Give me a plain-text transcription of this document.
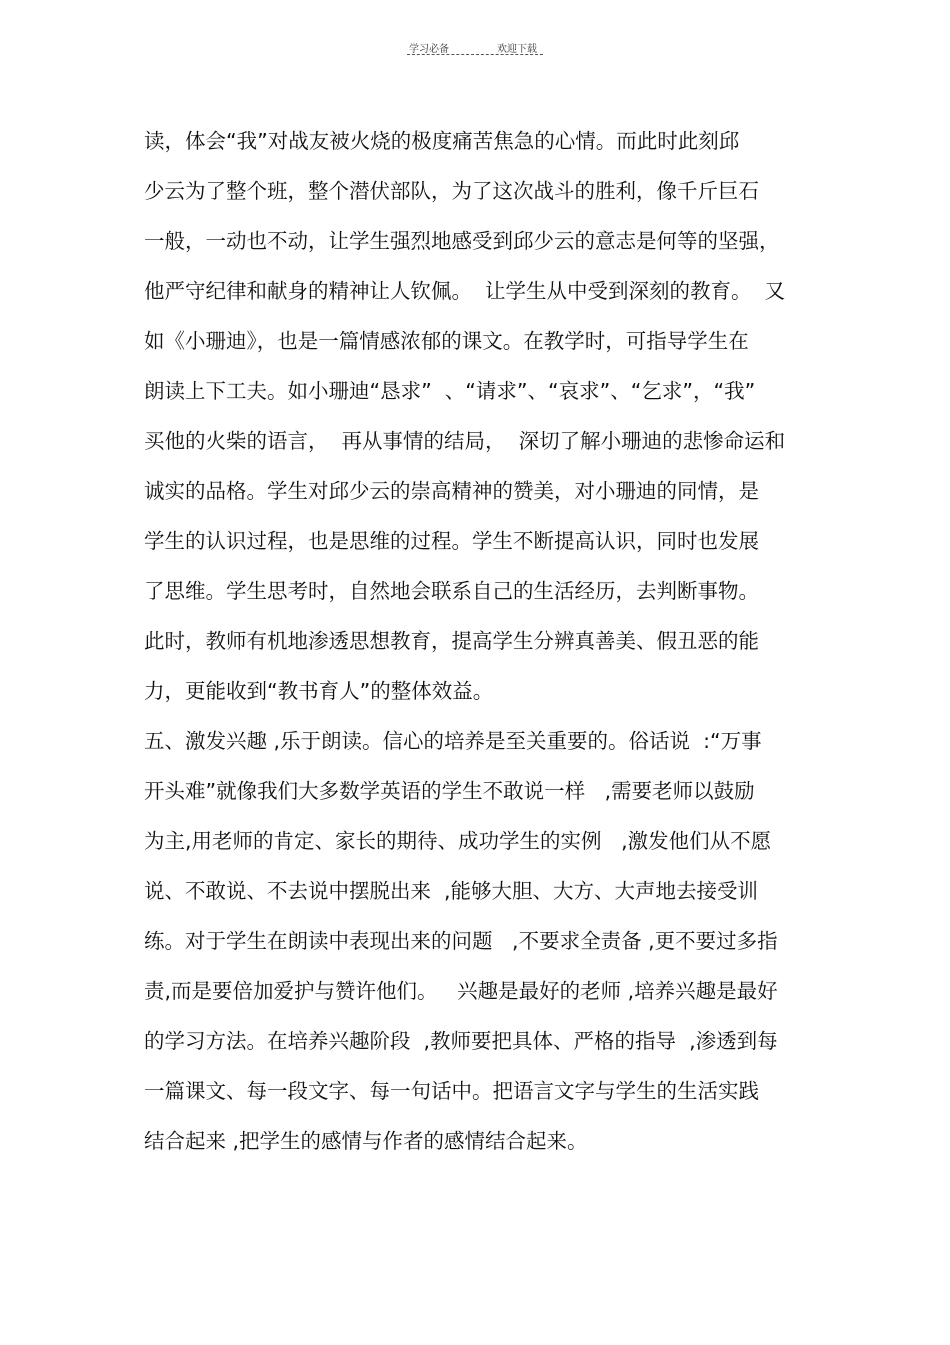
学习必备	欢迎下载
读，体会“我”对战友被火烧的极度痛苦焦急的心情。而此时此刻邱
少云为了整个班，整个潜伏部队，为了这次战斗的胜利，像千斤巨石
一般，一动也不动，让学生强烈地感受到邱少云的意志是何等的坚强，
他严守纪律和献身的精神让人钦佩。  让学生从中受到深刻的教育。  又
如《小珊迪》，也是一篇情感浓郁的课文。在教学时，可指导学生在
朗读上下工夫。如小珊迪“恳求”  、“请求”、“哀求”、“乞求”，“我”
买他的火柴的语言，  再从事情的结局，  深切了解小珊迪的悲惨命运和
诚实的品格。学生对邱少云的崇高精神的赞美，对小珊迪的同情，是
学生的认识过程，也是思维的过程。学生不断提高认识，同时也发展
了思维。学生思考时，自然地会联系自己的生活经历，去判断事物。
此时，教师有机地渗透思想教育，提高学生分辨真善美、假丑恶的能
力，更能收到“教书育人”的整体效益。
五、激发兴趣 ,乐于朗读。信心的培养是至关重要的。俗话说  :“万事
开头难”就像我们大多数学英语的学生不敢说一样   ,需要老师以鼓励
为主,用老师的肯定、家长的期待、成功学生的实例   ,激发他们从不愿
说、不敢说、不去说中摆脱出来  ,能够大胆、大方、大声地去接受训
练。对于学生在朗读中表现出来的问题   ,不要求全责备 ,更不要过多指
责,而是要倍加爱护与赞许他们。   兴趣是最好的老师 ,培养兴趣是最好
的学习方法。在培养兴趣阶段  ,教师要把具体、严格的指导  ,渗透到每
一篇课文、每一段文字、每一句话中。把语言文字与学生的生活实践
结合起来 ,把学生的感情与作者的感情结合起来。
